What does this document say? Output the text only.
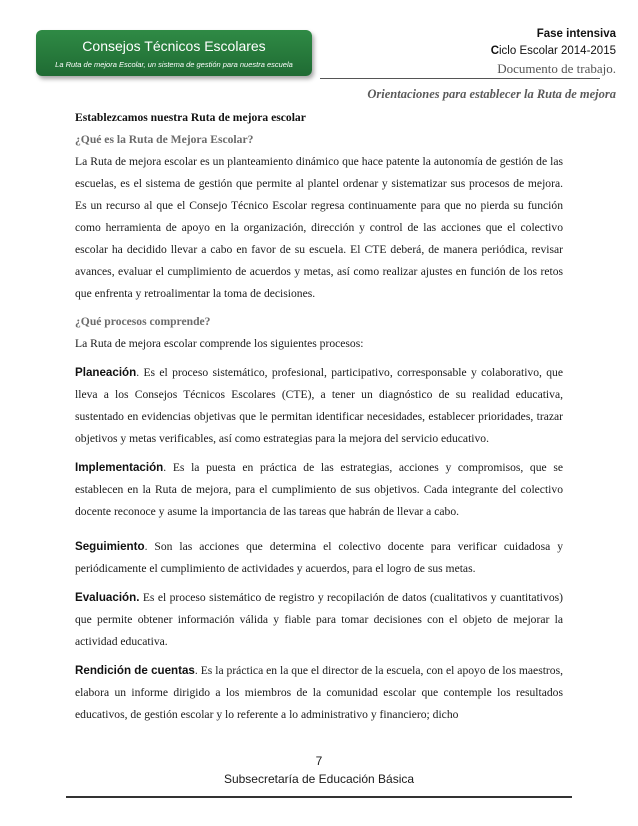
Consejos Técnicos Escolares
La Ruta de mejora Escolar, un sistema de gestión para nuestra escuela
Fase intensiva
Ciclo Escolar 2014-2015
Documento de trabajo.
Orientaciones para establecer la Ruta de mejora

Establezcamos nuestra Ruta de mejora escolar

¿Qué es la Ruta de Mejora Escolar?

La Ruta de mejora escolar es un planteamiento dinámico que hace patente la autonomía de gestión de las escuelas, es el sistema de gestión que permite al plantel ordenar y sistematizar sus procesos de mejora. Es un recurso al que el Consejo Técnico Escolar regresa continuamente para que no pierda su función como herramienta de apoyo en la organización, dirección y control de las acciones que el colectivo escolar ha decidido llevar a cabo en favor de su escuela. El CTE deberá, de manera periódica, revisar avances, evaluar el cumplimiento de acuerdos y metas, así como realizar ajustes en función de los retos que enfrenta y retroalimentar la toma de decisiones.

¿Qué procesos comprende?

La Ruta de mejora escolar comprende los siguientes procesos:

Planeación. Es el proceso sistemático, profesional, participativo, corresponsable y colaborativo, que lleva a los Consejos Técnicos Escolares (CTE), a tener un diagnóstico de su realidad educativa, sustentado en evidencias objetivas que le permitan identificar necesidades, establecer prioridades, trazar objetivos y metas verificables, así como estrategias para la mejora del servicio educativo.

Implementación. Es la puesta en práctica de las estrategias, acciones y compromisos, que se establecen en la Ruta de mejora, para el cumplimiento de sus objetivos. Cada integrante del colectivo docente reconoce y asume la importancia de las tareas que habrán de llevar a cabo.

Seguimiento. Son las acciones que determina el colectivo docente para verificar cuidadosa y periódicamente el cumplimiento de actividades y acuerdos, para el logro de sus metas.

Evaluación. Es el proceso sistemático de registro y recopilación de datos (cualitativos y cuantitativos) que permite obtener información válida y fiable para tomar decisiones con el objeto de mejorar la actividad educativa.

Rendición de cuentas. Es la práctica en la que el director de la escuela, con el apoyo de los maestros, elabora un informe dirigido a los miembros de la comunidad escolar que contemple los resultados educativos, de gestión escolar y lo referente a lo administrativo y financiero; dicho

7
Subsecretaría de Educación Básica
